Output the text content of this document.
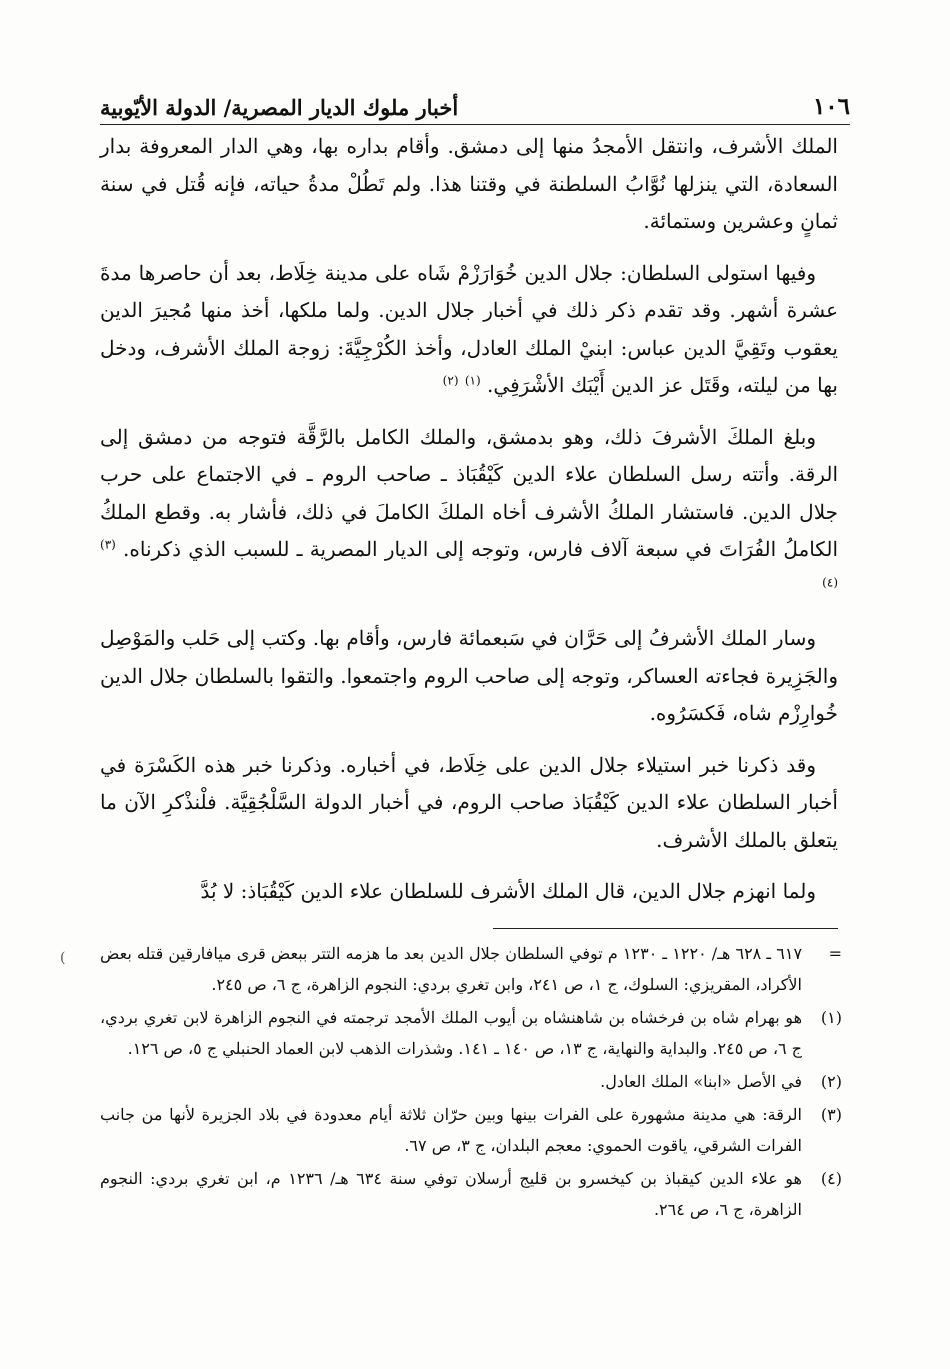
١٠٦
أخبار ملوك الديار المصرية/ الدولة الأيّوبية

الملك الأشرف، وانتقل الأمجدُ منها إلى دمشق. وأقام بداره بها، وهي الدار المعروفة بدار السعادة، التي ينزلها نُوَّابُ السلطنة في وقتنا هذا. ولم تَطُلْ مدةُ حياته، فإنه قُتل في سنة ثمانٍ وعشرين وستمائة.

وفيها استولى السلطان: جلال الدين خُوَارَزْمْ شَاه على مدينة خِلَاط، بعد أن حاصرها مدةَ عشرة أشهر. وقد تقدم ذكر ذلك في أخبار جلال الدين. ولما ملكها، أخذ منها مُجيرَ الدين يعقوب وتَقِيَّ الدين عباس: ابنيْ الملك العادل، وأخذ الكُرْجِيَّةَ: زوجة الملك الأشرف، ودخل بها من ليلته، وقَتَل عز الدين أَيْبَك الأشْرَفِي. $^{(١)}$ $^{(٢)}$

وبلغ الملكَ الأشرفَ ذلك، وهو بدمشق، والملك الكامل بالرَّقَّة فتوجه من دمشق إلى الرقة. وأتته رسل السلطان علاء الدين كَيْقُبَاذ ـ صاحب الروم ـ في الاجتماع على حرب جلال الدين. فاستشار الملكُ الأشرف أخاه الملكَ الكاملَ في ذلك، فأشار به. وقطع الملكُ الكاملُ الفُرَاتَ في سبعة آلاف فارس، وتوجه إلى الديار المصرية ـ للسبب الذي ذكرناه. $^{(٣)}$ $^{(٤)}$

وسار الملك الأشرفُ إلى حَرَّان في سَبعمائة فارس، وأقام بها. وكتب إلى حَلب والمَوْصِل والجَزِيرة فجاءته العساكر، وتوجه إلى صاحب الروم واجتمعوا. والتقوا بالسلطان جلال الدين خُوارِزْم شاه، فَكسَرُوه.

وقد ذكرنا خبر استيلاء جلال الدين على خِلَاط، في أخباره. وذكرنا خبر هذه الكَسْرَة في أخبار السلطان علاء الدين كَيْقُبَاذ صاحب الروم، في أخبار الدولة السَّلْجُقِيَّة. فلْنذْكرِ الآن ما يتعلق بالملك الأشرف.

ولما انهزم جلال الدين، قال الملك الأشرف للسلطان علاء الدين كَيْقُبَاذ: لا بُدَّ

)	=
٦١٧ ـ ٦٢٨ هـ/ ١٢٢٠ ـ ١٢٣٠ م توفي السلطان جلال الدين بعد ما هزمه التتر ببعض قرى ميافارقين قتله بعض الأكراد، المقريزي: السلوك، ج ١، ص ٢٤١، وابن تغري بردي: النجوم الزاهرة، ج ٦، ص ٢٤٥.
(١)
هو بهرام شاه بن فرخشاه بن شاهنشاه بن أيوب الملك الأمجد ترجمته في النجوم الزاهرة لابن تغري بردي، ج ٦، ص ٢٤٥. والبداية والنهاية، ج ١٣، ص ١٤٠ ـ ١٤١. وشذرات الذهب لابن العماد الحنبلي ج ٥، ص ١٢٦.
(٢)
في الأصل «ابنا» الملك العادل.
(٣)
الرقة: هي مدينة مشهورة على الفرات بينها وبين حرّان ثلاثة أيام معدودة في بلاد الجزيرة لأنها من جانب الفرات الشرقي، ياقوت الحموي: معجم البلدان، ج ٣، ص ٦٧.
(٤)
هو علاء الدين كيقباذ بن كيخسرو بن قليج أرسلان توفي سنة ٦٣٤ هـ/ ١٢٣٦ م، ابن تغري بردي: النجوم الزاهرة، ج ٦، ص ٢٦٤.
